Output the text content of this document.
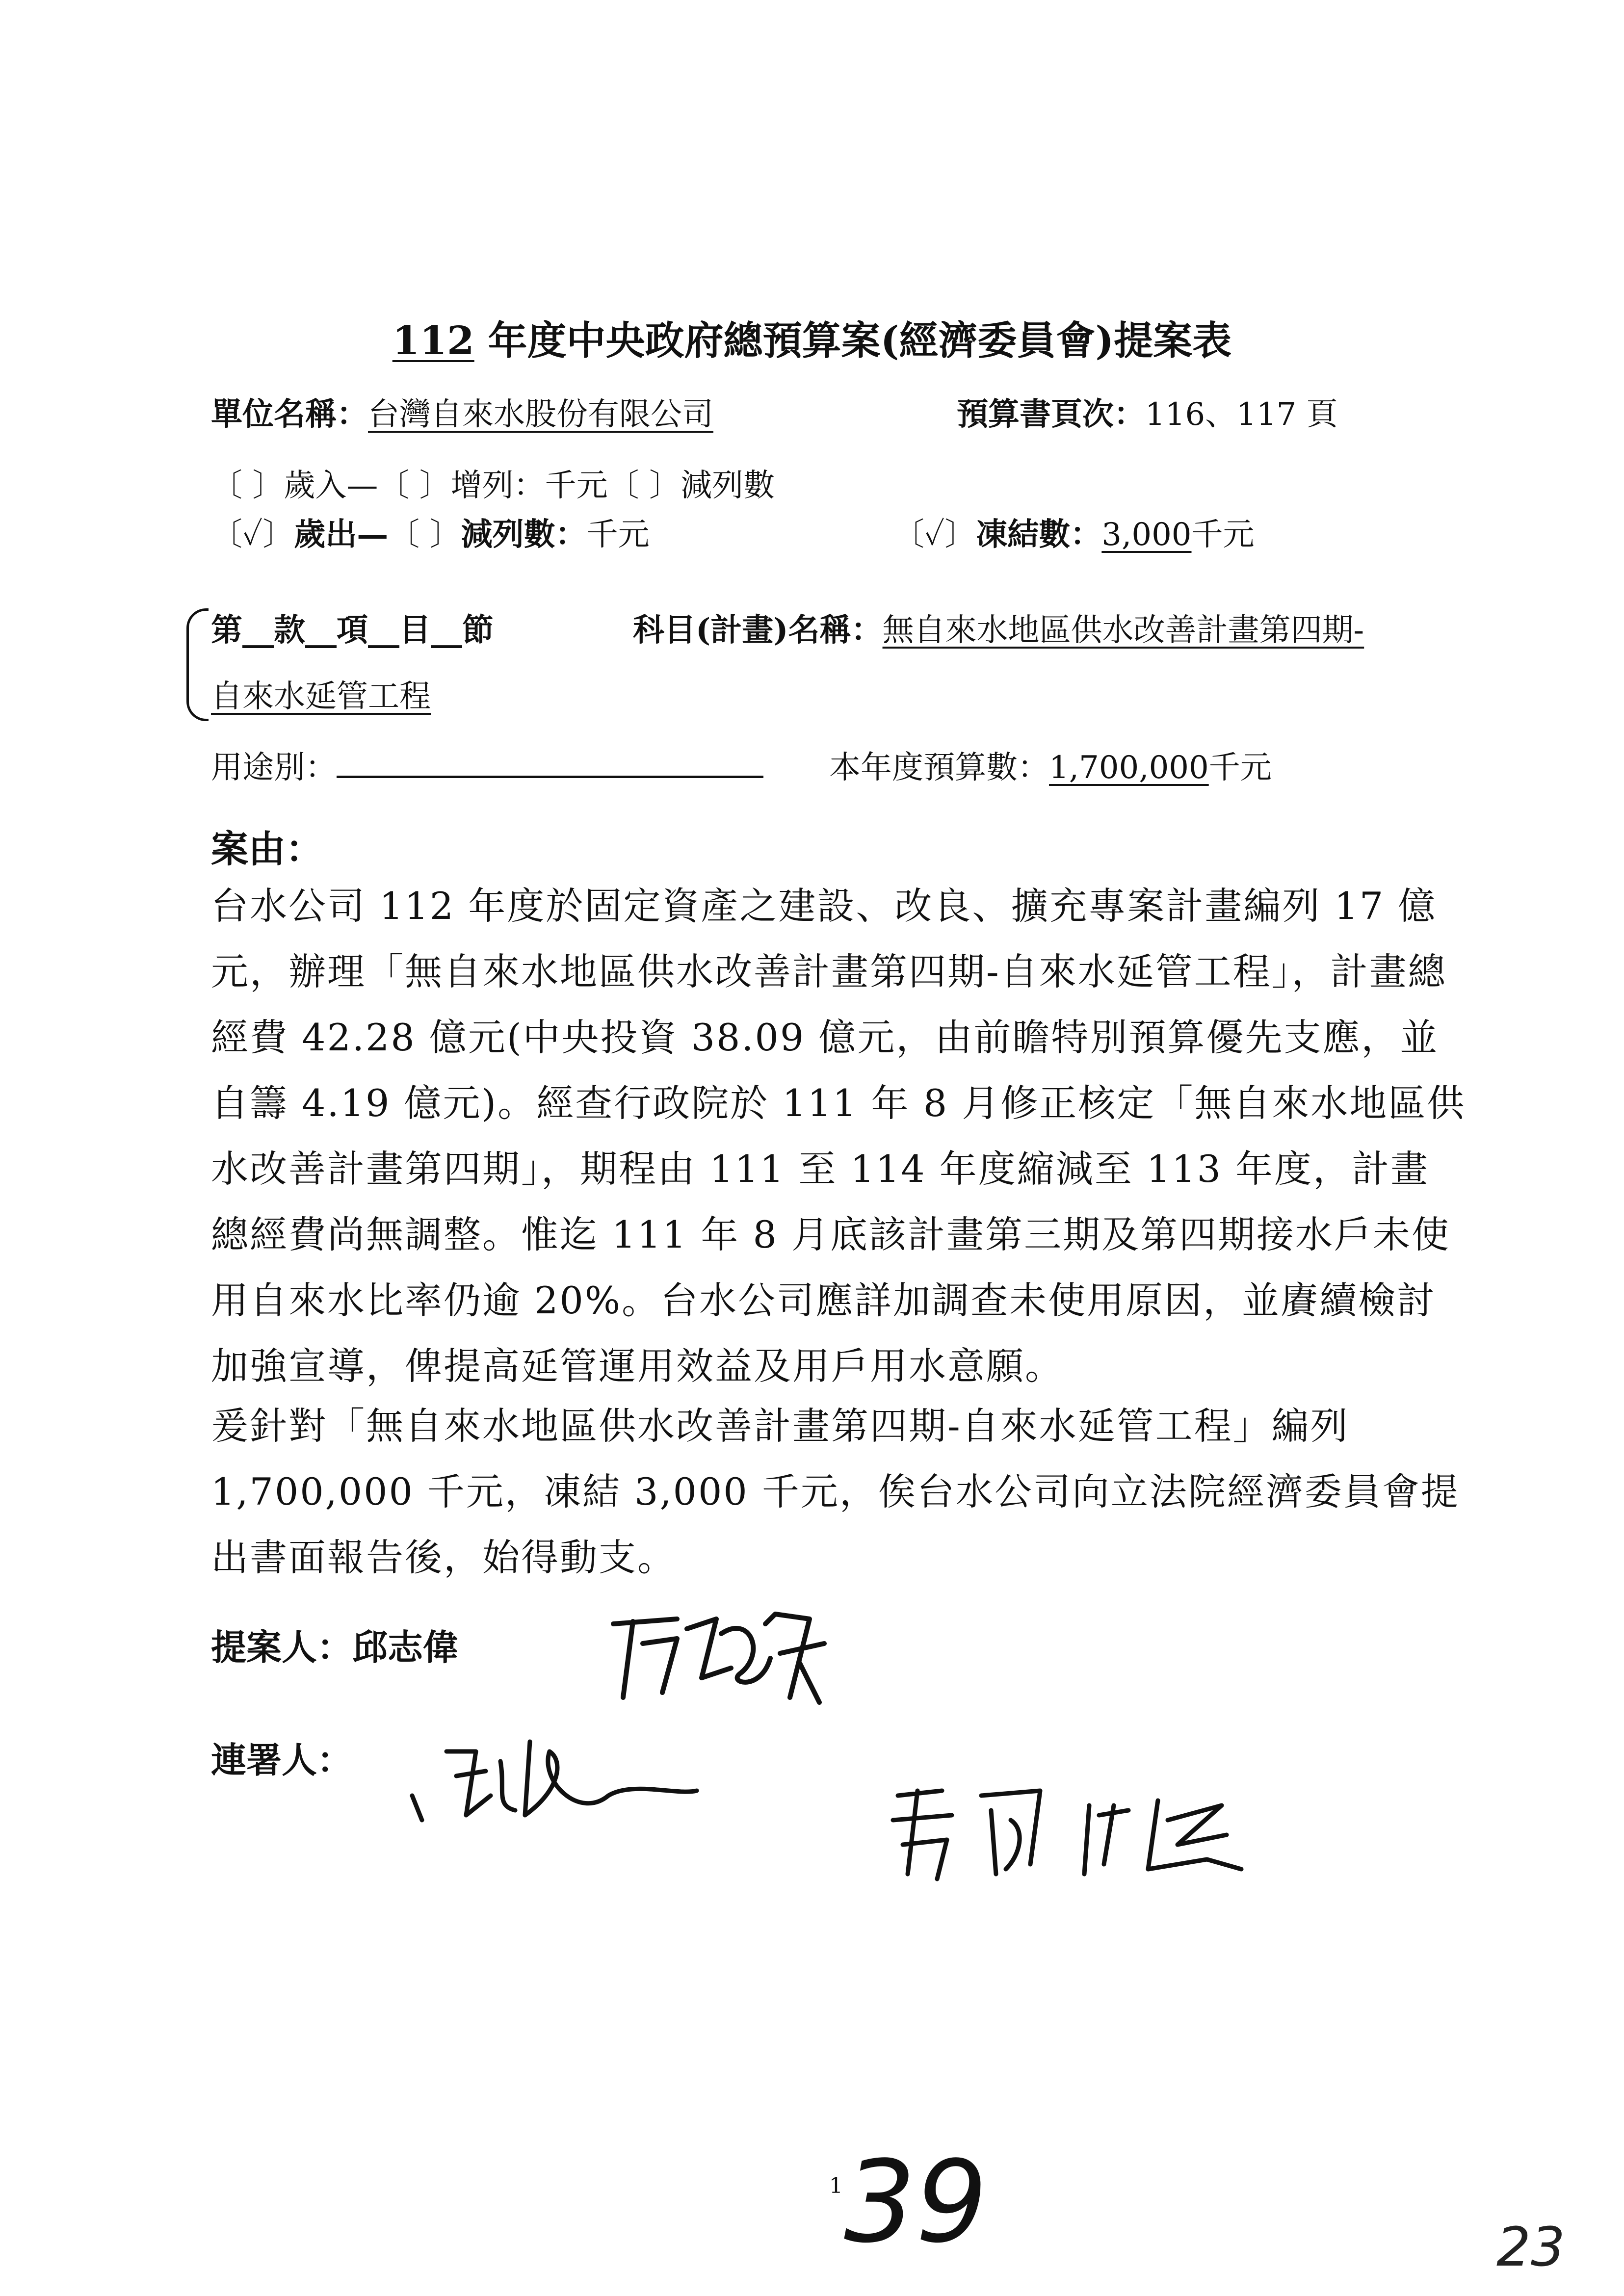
112 年度中央政府總預算案(經濟委員會)提案表
單位名稱：台灣自來水股份有限公司	預算書頁次：116、117 頁
〔 〕歲入—〔 〕增列：千元〔 〕減列數
〔✓〕歲出—〔 〕減列數：千元	〔✓〕凍結數：3,000千元
第__款__項__目__節	科目(計畫)名稱：無自來水地區供水改善計畫第四期-
自來水延管工程
用途別：	本年度預算數：1,700,000千元
案由：
台水公司 112 年度於固定資產之建設、改良、擴充專案計畫編列 17 億元，辦理「無自來水地區供水改善計畫第四期-自來水延管工程」，計畫總經費 42.28 億元(中央投資 38.09 億元，由前瞻特別預算優先支應，並自籌 4.19 億元)。經查行政院於 111 年 8 月修正核定「無自來水地區供水改善計畫第四期」，期程由 111 至 114 年度縮減至 113 年度，計畫總經費尚無調整。惟迄 111 年 8 月底該計畫第三期及第四期接水戶未使用自來水比率仍逾 20%。台水公司應詳加調查未使用原因，並賡續檢討加強宣導，俾提高延管運用效益及用戶用水意願。
爰針對「無自來水地區供水改善計畫第四期-自來水延管工程」編列 1,700,000 千元，凍結 3,000 千元，俟台水公司向立法院經濟委員會提出書面報告後，始得動支。
提案人：邱志偉
連署人：
1 39	23
